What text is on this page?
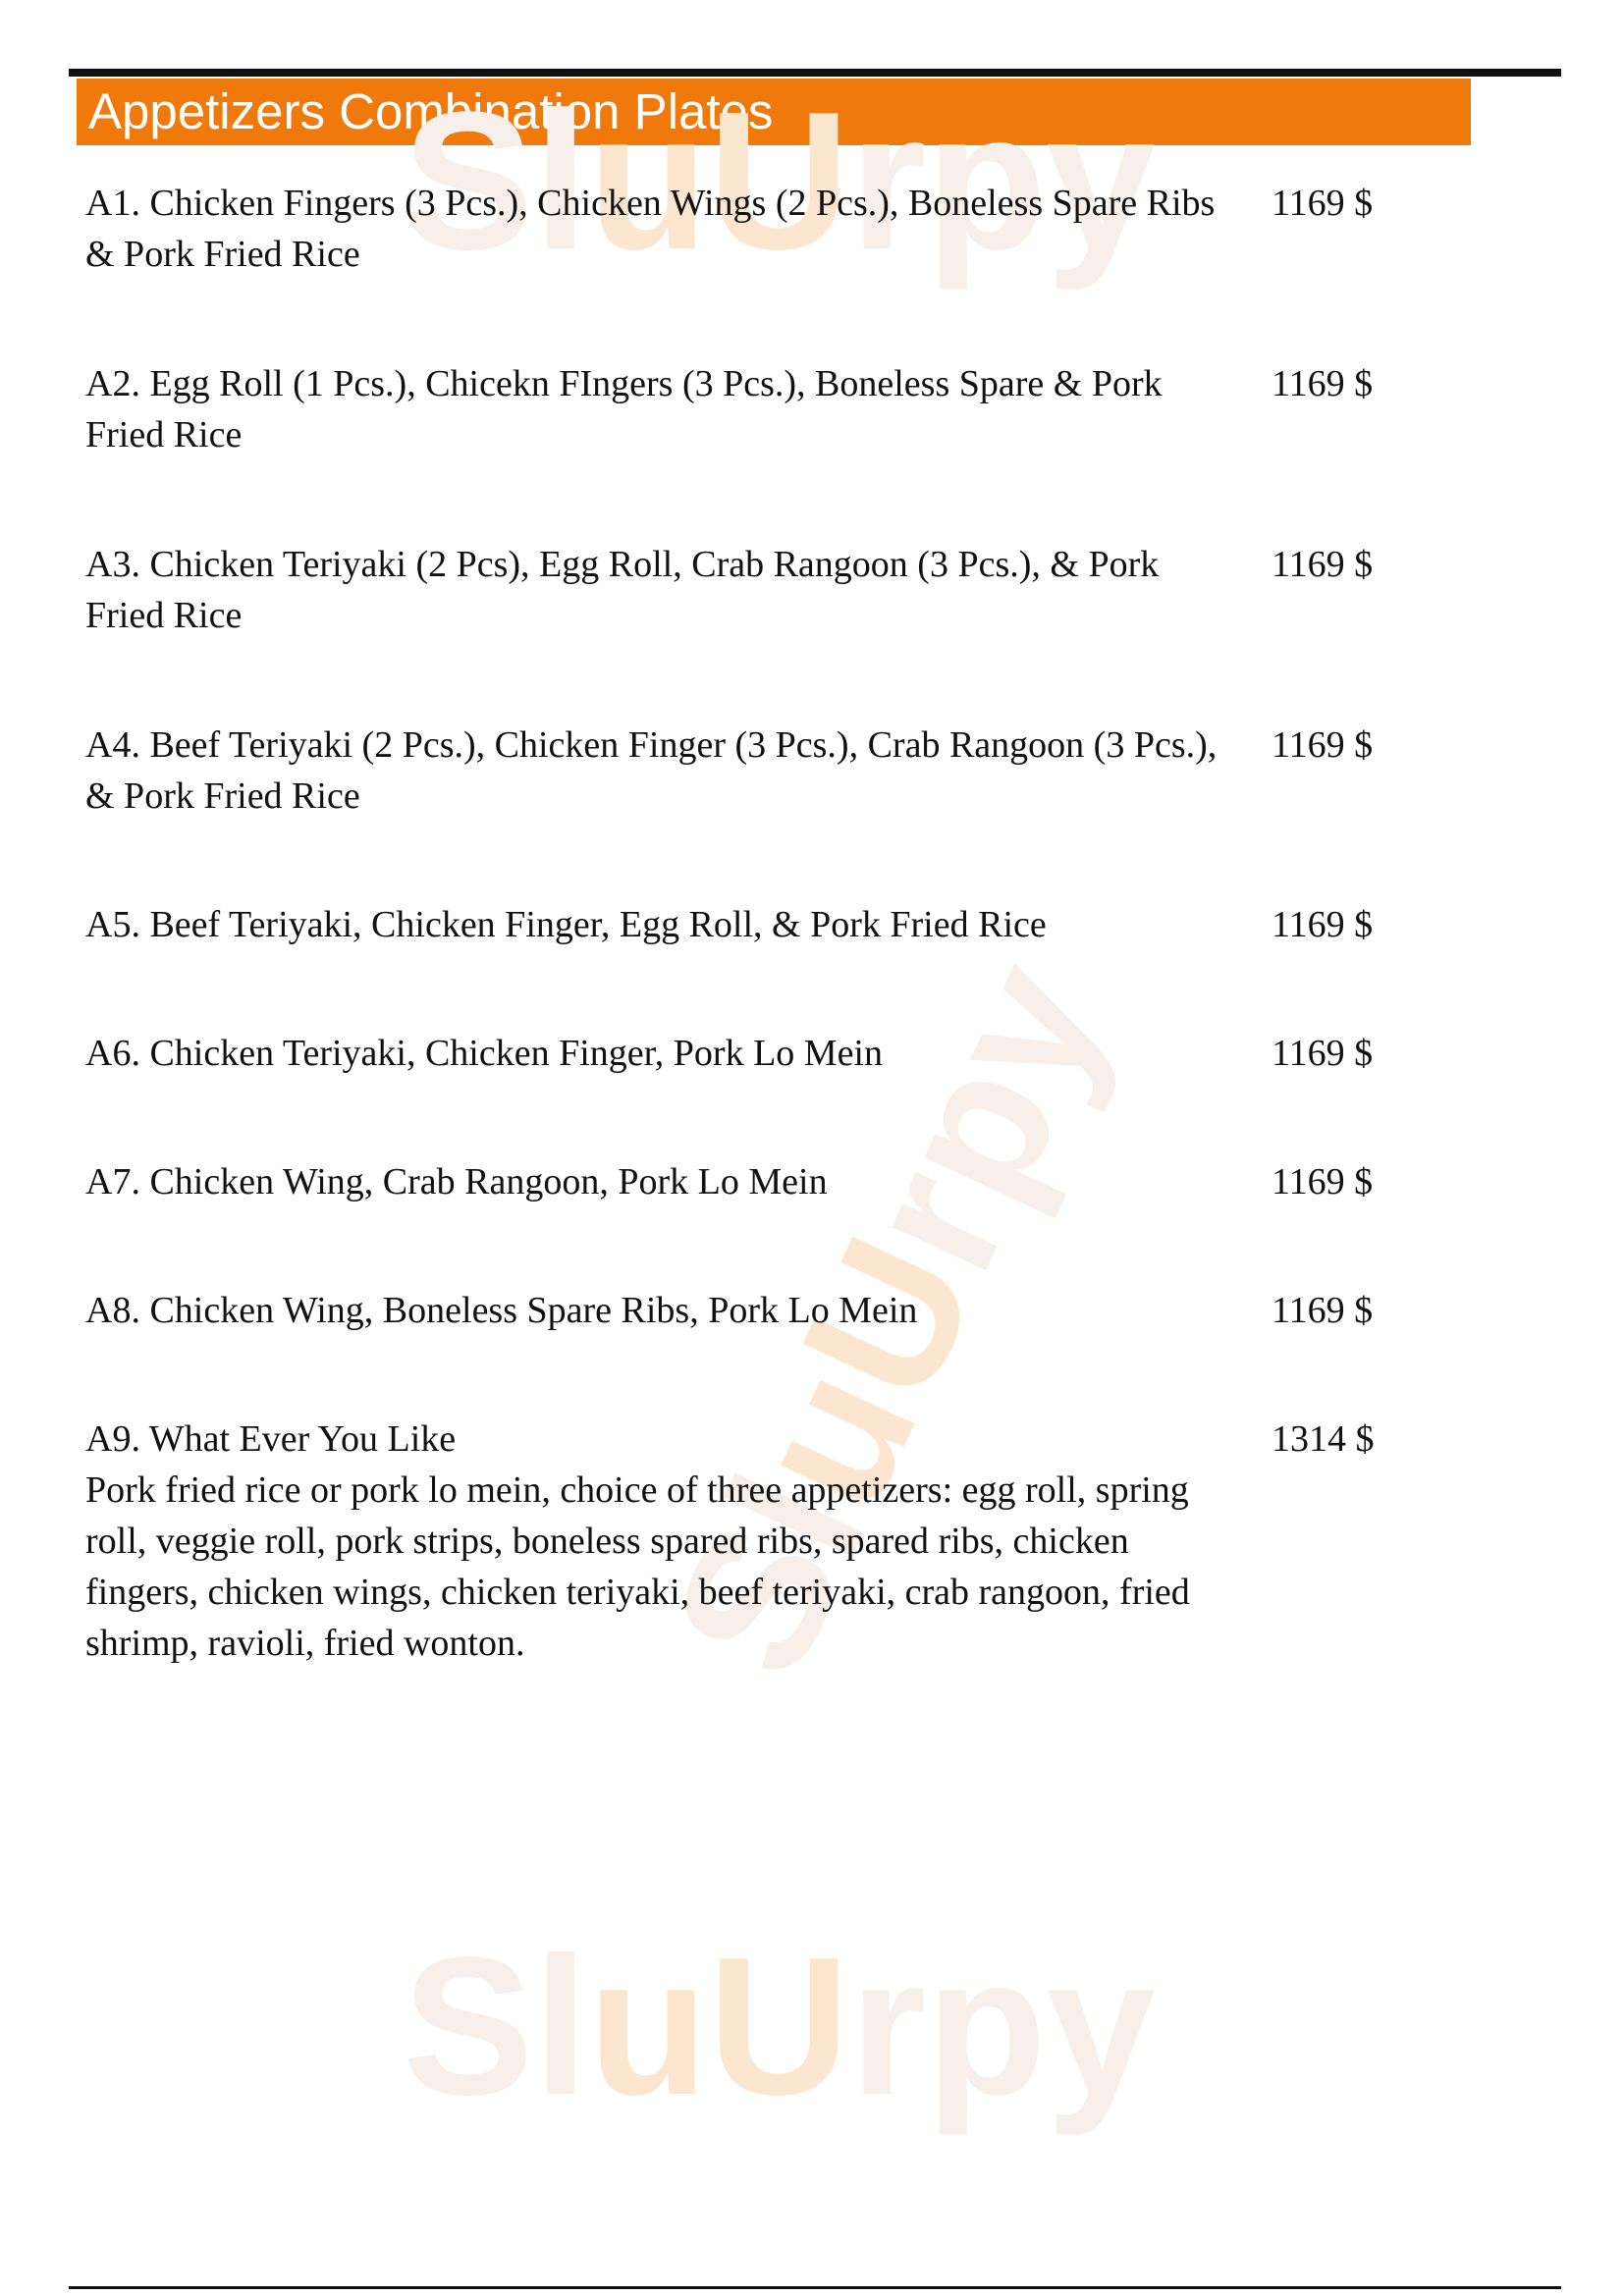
Appetizers Combination Plates
SluUrpy
SluUrpy
SluUrpy
A1. Chicken Fingers (3 Pcs.), Chicken Wings (2 Pcs.), Boneless Spare Ribs & Pork Fried Rice
1169 $
A2. Egg Roll (1 Pcs.), Chicekn FIngers (3 Pcs.), Boneless Spare & Pork Fried Rice
1169 $
A3. Chicken Teriyaki (2 Pcs), Egg Roll, Crab Rangoon (3 Pcs.), & Pork Fried Rice
1169 $
A4. Beef Teriyaki (2 Pcs.), Chicken Finger (3 Pcs.), Crab Rangoon (3 Pcs.), & Pork Fried Rice
1169 $
A5. Beef Teriyaki, Chicken Finger, Egg Roll, & Pork Fried Rice	1169 $
A6. Chicken Teriyaki, Chicken Finger, Pork Lo Mein	1169 $
A7. Chicken Wing, Crab Rangoon, Pork Lo Mein	1169 $
A8. Chicken Wing, Boneless Spare Ribs, Pork Lo Mein	1169 $
A9. What Ever You Like
Pork fried rice or pork lo mein, choice of three appetizers: egg roll, spring roll, veggie roll, pork strips, boneless spared ribs, spared ribs, chicken fingers, chicken wings, chicken teriyaki, beef teriyaki, crab rangoon, fried shrimp, ravioli, fried wonton.
1314 $
